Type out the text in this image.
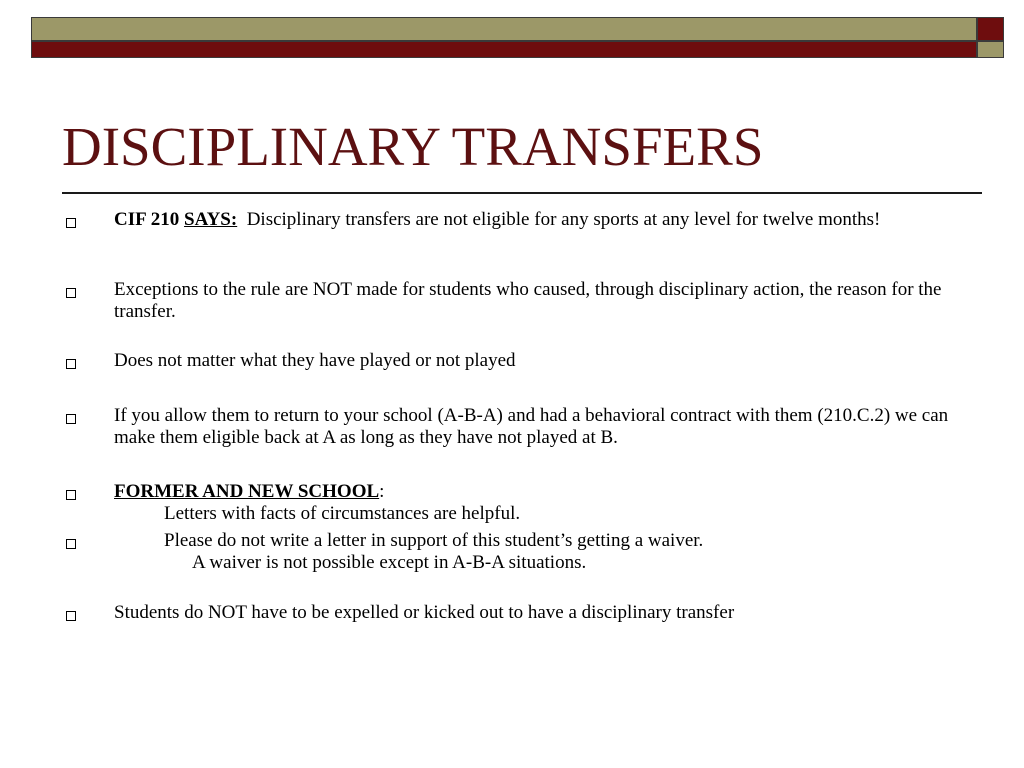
DISCIPLINARY TRANSFERS

CIF 210 SAYS: Disciplinary transfers are not eligible for any sports at any level for twelve months!

Exceptions to the rule are NOT made for students who caused, through disciplinary action, the reason for the transfer.

Does not matter what they have played or not played

If you allow them to return to your school (A-B-A) and had a behavioral contract with them (210.C.2) we can make them eligible back at A as long as they have not played at B.

FORMER AND NEW SCHOOL:
Letters with facts of circumstances are helpful.

Please do not write a letter in support of this student’s getting a waiver.
A waiver is not possible except in A-B-A situations.

Students do NOT have to be expelled or kicked out to have a disciplinary transfer
